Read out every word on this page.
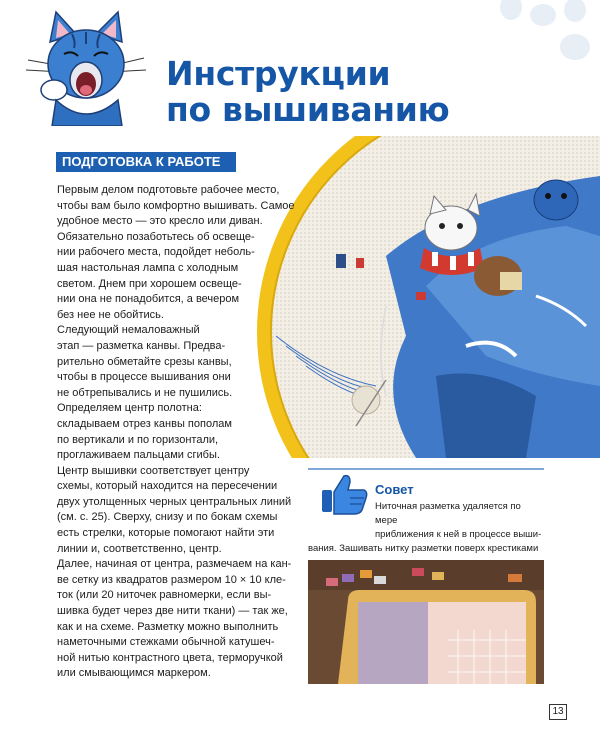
Инструкции
по вышиванию
ПОДГОТОВКА К РАБОТЕ

Первым делом подготовьте рабочее место,

чтобы вам было комфортно вышивать. Самое

удобное место — это кресло или диван.

Обязательно позаботьтесь об освеще-

нии рабочего места, подойдет неболь-

шая настольная лампа с холодным

светом. Днем при хорошем освеще-

нии она не понадобится, а вечером

без нее не обойтись.

Следующий немаловажный

этап — разметка канвы. Предва-

рительно обметайте срезы канвы,

чтобы в процессе вышивания они

не обтрепывались и не пушились.

Определяем центр полотна:

складываем отрез канвы пополам

по вертикали и по горизонтали,

проглаживаем пальцами сгибы.

Центр вышивки соответствует центру

схемы, который находится на пересечении

двух утолщенных черных центральных линий

(см. с. 25). Сверху, снизу и по бокам схемы

есть стрелки, которые помогают найти эти

линии и, соответственно, центр.

Далее, начиная от центра, размечаем на кан-

ве сетку из квадратов размером 10 × 10 кле-

ток (или 20 ниточек равномерки, если вы-

шивка будет через две нити ткани) — так же,

как и на схеме. Разметку можно выполнить

наметочными стежками обычной катушеч-

ной нитью контрастного цвета, терморучкой

или смывающимся маркером.

Совет
Ниточная разметка удаляется по мере
приближения к ней в процессе выши-
вания. Зашивать нитку разметки поверх крестиками
13
